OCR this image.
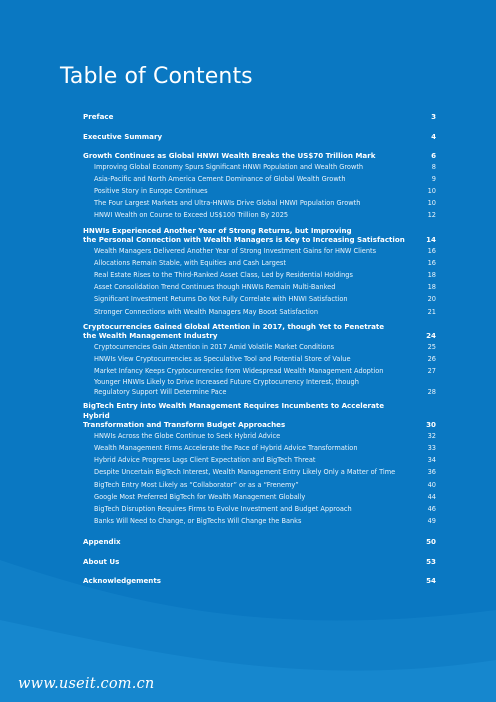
Table of Contents
Preface	3
Executive Summary	4
Growth Continues as Global HNWI Wealth Breaks the US$70 Trillion Mark	6
Improving Global Economy Spurs Significant HNWI Population and Wealth Growth	8
Asia-Pacific and North America Cement Dominance of Global Wealth Growth	9
Positive Story in Europe Continues	10
The Four Largest Markets and Ultra-HNWIs Drive Global HNWI Population Growth	10
HNWI Wealth on Course to Exceed US$100 Trillion By 2025	12
HNWIs Experienced Another Year of Strong Returns, but Improving
the Personal Connection with Wealth Managers is Key to Increasing Satisfaction	14
Wealth Managers Delivered Another Year of Strong Investment Gains for HNW Clients	16
Allocations Remain Stable, with Equities and Cash Largest	16
Real Estate Rises to the Third-Ranked Asset Class, Led by Residential Holdings	18
Asset Consolidation Trend Continues though HNWIs Remain Multi-Banked	18
Significant Investment Returns Do Not Fully Correlate with HNWI Satisfaction	20
Stronger Connections with Wealth Managers May Boost Satisfaction	21
Cryptocurrencies Gained Global Attention in 2017, though Yet to Penetrate
the Wealth Management Industry	24
Cryptocurrencies Gain Attention in 2017 Amid Volatile Market Conditions	25
HNWIs View Cryptocurrencies as Speculative Tool and Potential Store of Value	26
Market Infancy Keeps Cryptocurrencies from Widespread Wealth Management Adoption	27
Younger HNWIs Likely to Drive Increased Future Cryptocurrency Interest, though
Regulatory Support Will Determine Pace	28
BigTech Entry into Wealth Management Requires Incumbents to Accelerate Hybrid
Transformation and Transform Budget Approaches	30
HNWIs Across the Globe Continue to Seek Hybrid Advice	32
Wealth Management Firms Accelerate the Pace of Hybrid Advice Transformation	33
Hybrid Advice Progress Lags Client Expectation and BigTech Threat	34
Despite Uncertain BigTech Interest, Wealth Management Entry Likely Only a Matter of Time	36
BigTech Entry Most Likely as “Collaborator” or as a “Frenemy”	40
Google Most Preferred BigTech for Wealth Management Globally	44
BigTech Disruption Requires Firms to Evolve Investment and Budget Approach	46
Banks Will Need to Change, or BigTechs Will Change the Banks	49
Appendix	50
About Us	53
Acknowledgements	54
www.useit.com.cn
